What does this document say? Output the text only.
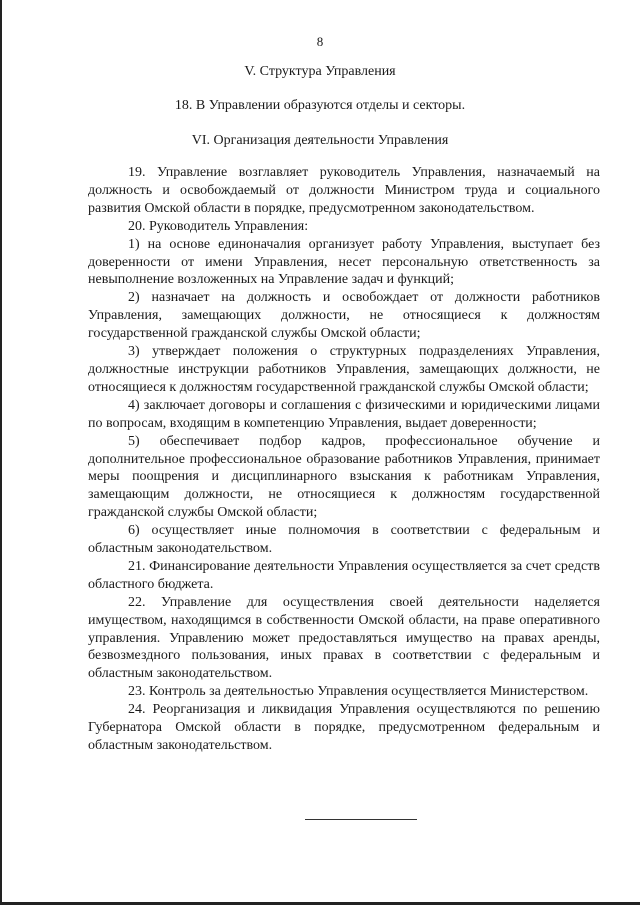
8
V. Структура Управления
18. В Управлении образуются отделы и секторы.
VI. Организация деятельности Управления

19. Управление возглавляет руководитель Управления, назначаемый на должность и освобождаемый от должности Министром труда и социального развития Омской области в порядке, предусмотренном законодательством.

20. Руководитель Управления:

1) на основе единоначалия организует работу Управления, выступает без доверенности от имени Управления, несет персональную ответственность за невыполнение возложенных на Управление задач и функций;

2) назначает на должность и освобождает от должности работников Управления, замещающих должности, не относящиеся к должностям государственной гражданской службы Омской области;

3) утверждает положения о структурных подразделениях Управления, должностные инструкции работников Управления, замещающих должности, не относящиеся к должностям государственной гражданской службы Омской области;

4) заключает договоры и соглашения с физическими и юридическими лицами по вопросам, входящим в компетенцию Управления, выдает доверенности;

5) обеспечивает подбор кадров, профессиональное обучение и дополнительное профессиональное образование работников Управления, принимает меры поощрения и дисциплинарного взыскания к работникам Управления, замещающим должности, не относящиеся к должностям государственной гражданской службы Омской области;

6) осуществляет иные полномочия в соответствии с федеральным и областным законодательством.

21. Финансирование деятельности Управления осуществляется за счет средств областного бюджета.

22. Управление для осуществления своей деятельности наделяется имуществом, находящимся в собственности Омской области, на праве оперативного управления. Управлению может предоставляться имущество на правах аренды, безвозмездного пользования, иных правах в соответствии с федеральным и областным законодательством.

23. Контроль за деятельностью Управления осуществляется Министерством.

24. Реорганизация и ликвидация Управления осуществляются по решению Губернатора Омской области в порядке, предусмотренном федеральным и областным законодательством.
